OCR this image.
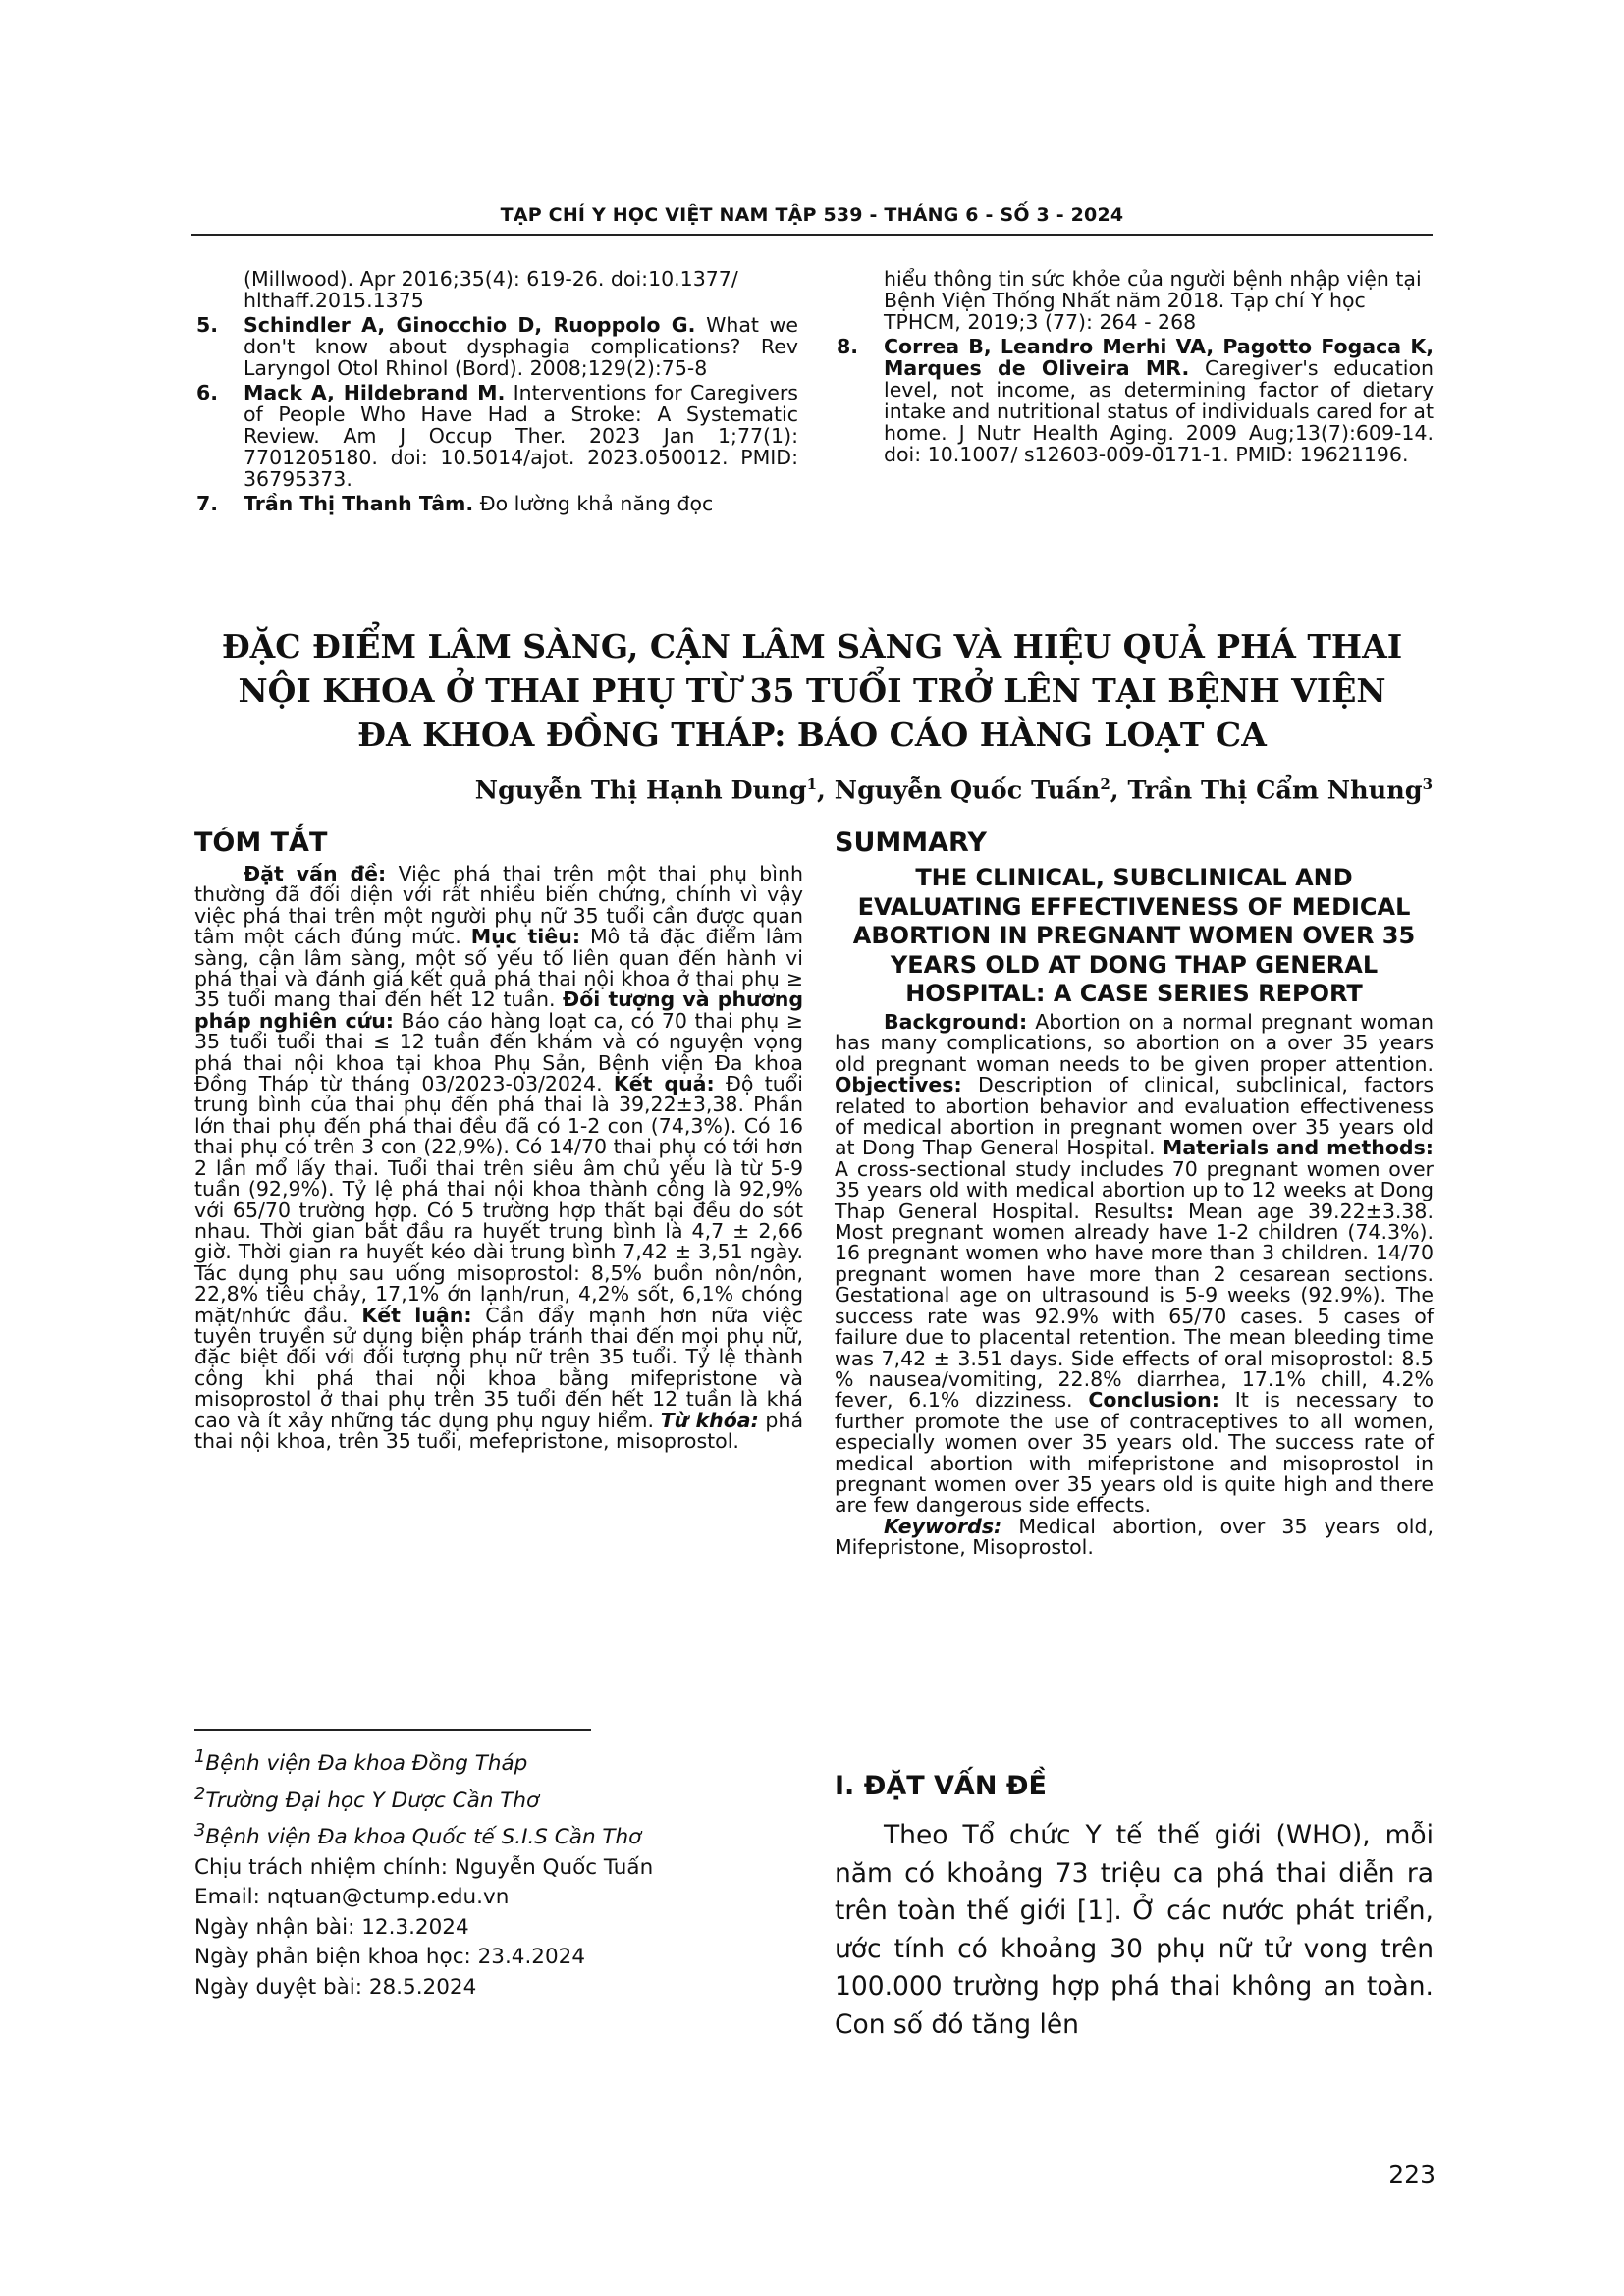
TẠP CHÍ Y HỌC VIỆT NAM TẬP 539 - THÁNG 6 - SỐ 3 - 2024
(Millwood). Apr 2016;35(4): 619-26. doi:10.1377/ hlthaff.2015.1375
5. Schindler A, Ginocchio D, Ruoppolo G. What we don't know about dysphagia complications? Rev Laryngol Otol Rhinol (Bord). 2008;129(2):75-8
6. Mack A, Hildebrand M. Interventions for Caregivers of People Who Have Had a Stroke: A Systematic Review. Am J Occup Ther. 2023 Jan 1;77(1): 7701205180. doi: 10.5014/ajot. 2023.050012. PMID: 36795373.
7. Trần Thị Thanh Tâm. Đo lường khả năng đọc
hiểu thông tin sức khỏe của người bệnh nhập viện tại Bệnh Viện Thống Nhất năm 2018. Tạp chí Y học TPHCM, 2019;3 (77): 264 - 268
8. Correa B, Leandro Merhi VA, Pagotto Fogaca K, Marques de Oliveira MR. Caregiver's education level, not income, as determining factor of dietary intake and nutritional status of individuals cared for at home. J Nutr Health Aging. 2009 Aug;13(7):609-14. doi: 10.1007/ s12603-009-0171-1. PMID: 19621196.
ĐẶC ĐIỂM LÂM SÀNG, CẬN LÂM SÀNG VÀ HIỆU QUẢ PHÁ THAI
NỘI KHOA Ở THAI PHỤ TỪ 35 TUỔI TRỞ LÊN TẠI BỆNH VIỆN
ĐA KHOA ĐỒNG THÁP: BÁO CÁO HÀNG LOẠT CA
Nguyễn Thị Hạnh Dung$^1$, Nguyễn Quốc Tuấn$^2$, Trần Thị Cẩm Nhung$^3$
TÓM TẮT

Đặt vấn đề: Việc phá thai trên một thai phụ bình thường đã đối diện với rất nhiều biến chứng, chính vì vậy việc phá thai trên một người phụ nữ 35 tuổi cần được quan tâm một cách đúng mức. Mục tiêu: Mô tả đặc điểm lâm sàng, cận lâm sàng, một số yếu tố liên quan đến hành vi phá thai và đánh giá kết quả phá thai nội khoa ở thai phụ ≥ 35 tuổi mang thai đến hết 12 tuần. Đối tượng và phương pháp nghiên cứu: Báo cáo hàng loạt ca, có 70 thai phụ ≥ 35 tuổi tuổi thai ≤ 12 tuần đến khám và có nguyện vọng phá thai nội khoa tại khoa Phụ Sản, Bệnh viện Đa khoa Đồng Tháp từ tháng 03/2023-03/2024. Kết quả: Độ tuổi trung bình của thai phụ đến phá thai là 39,22±3,38. Phần lớn thai phụ đến phá thai đều đã có 1-2 con (74,3%). Có 16 thai phụ có trên 3 con (22,9%). Có 14/70 thai phụ có tới hơn 2 lần mổ lấy thai. Tuổi thai trên siêu âm chủ yếu là từ 5-9 tuần (92,9%). Tỷ lệ phá thai nội khoa thành công là 92,9% với 65/70 trường hợp. Có 5 trường hợp thất bại đều do sót nhau. Thời gian bắt đầu ra huyết trung bình là 4,7 ± 2,66 giờ. Thời gian ra huyết kéo dài trung bình 7,42 ± 3,51 ngày. Tác dụng phụ sau uống misoprostol: 8,5% buồn nôn/nôn, 22,8% tiêu chảy, 17,1% ớn lạnh/run, 4,2% sốt, 6,1% chóng mặt/nhức đầu. Kết luận: Cần đẩy mạnh hơn nữa việc tuyên truyền sử dụng biện pháp tránh thai đến mọi phụ nữ, đặc biệt đối với đối tượng phụ nữ trên 35 tuổi. Tỷ lệ thành công khi phá thai nội khoa bằng mifepristone và misoprostol ở thai phụ trên 35 tuổi đến hết 12 tuần là khá cao và ít xảy những tác dụng phụ nguy hiểm. Từ khóa: phá thai nội khoa, trên 35 tuổi, mefepristone, misoprostol.

SUMMARY
THE CLINICAL, SUBCLINICAL AND EVALUATING EFFECTIVENESS OF MEDICAL ABORTION IN PREGNANT WOMEN OVER 35 YEARS OLD AT DONG THAP GENERAL HOSPITAL: A CASE SERIES REPORT

Background: Abortion on a normal pregnant woman has many complications, so abortion on a over 35 years old pregnant woman needs to be given proper attention. Objectives: Description of clinical, subclinical, factors related to abortion behavior and evaluation effectiveness of medical abortion in pregnant women over 35 years old at Dong Thap General Hospital. Materials and methods: A cross-sectional study includes 70 pregnant women over 35 years old with medical abortion up to 12 weeks at Dong Thap General Hospital. Results: Mean age 39.22±3.38. Most pregnant women already have 1-2 children (74.3%). 16 pregnant women who have more than 3 children. 14/70 pregnant women have more than 2 cesarean sections. Gestational age on ultrasound is 5-9 weeks (92.9%). The success rate was 92.9% with 65/70 cases. 5 cases of failure due to placental retention. The mean bleeding time was 7,42 ± 3.51 days. Side effects of oral misoprostol: 8.5 % nausea/vomiting, 22.8% diarrhea, 17.1% chill, 4.2% fever, 6.1% dizziness. Conclusion: It is necessary to further promote the use of contraceptives to all women, especially women over 35 years old. The success rate of medical abortion with mifepristone and misoprostol in pregnant women over 35 years old is quite high and there are few dangerous side effects.

Keywords: Medical abortion, over 35 years old, Mifepristone, Misoprostol.

$^1$Bệnh viện Đa khoa Đồng Tháp
$^2$Trường Đại học Y Dược Cần Thơ
$^3$Bệnh viện Đa khoa Quốc tế S.I.S Cần Thơ
Chịu trách nhiệm chính: Nguyễn Quốc Tuấn
Email: nqtuan@ctump.edu.vn
Ngày nhận bài: 12.3.2024
Ngày phản biện khoa học: 23.4.2024
Ngày duyệt bài: 28.5.2024
I. ĐẶT VẤN ĐỀ
Theo Tổ chức Y tế thế giới (WHO), mỗi năm có khoảng 73 triệu ca phá thai diễn ra trên toàn thế giới [1]. Ở các nước phát triển, ước tính có khoảng 30 phụ nữ tử vong trên 100.000 trường hợp phá thai không an toàn. Con số đó tăng lên
223
